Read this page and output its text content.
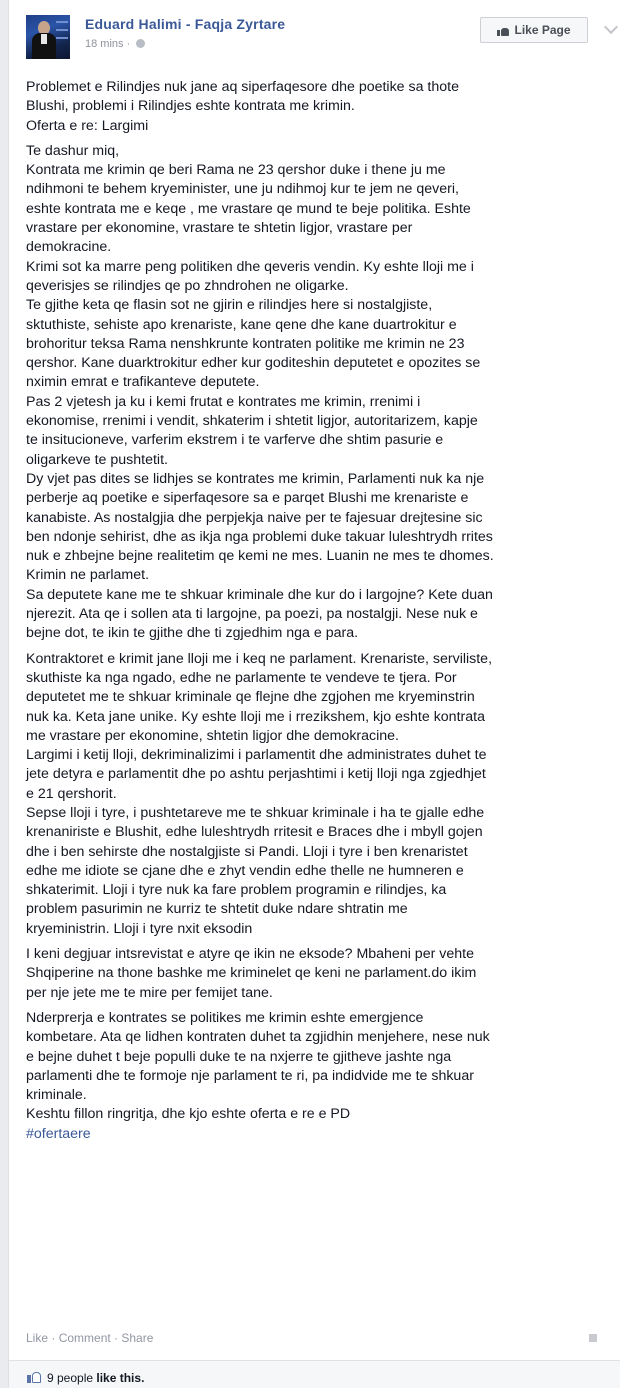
Eduard Halimi - Faqja Zyrtare
18 mins ·
Like Page

Problemet e Rilindjes nuk jane aq siperfaqesore dhe poetike sa thote
Blushi, problemi i Rilindjes eshte kontrata me krimin.
Oferta e re: Largimi

Te dashur miq,
Kontrata me krimin qe beri Rama ne 23 qershor duke i thene ju me
ndihmoni te behem kryeminister, une ju ndihmoj kur te jem ne qeveri,
eshte kontrata me e keqe , me vrastare qe mund te beje politika. Eshte
vrastare per ekonomine, vrastare te shtetin ligjor, vrastare per
demokracine.
Krimi sot ka marre peng politiken dhe qeveris vendin. Ky eshte lloji me i
qeverisjes se rilindjes qe po zhndrohen ne oligarke.
Te gjithe keta qe flasin sot ne gjirin e rilindjes here si nostalgjiste,
sktuthiste, sehiste apo krenariste, kane qene dhe kane duartrokitur e
brohoritur teksa Rama nenshkrunte kontraten politike me krimin ne 23
qershor. Kane duarktrokitur edher kur goditeshin deputetet e opozites se
nximin emrat e trafikanteve deputete.
Pas 2 vjetesh ja ku i kemi frutat e kontrates me krimin, rrenimi i
ekonomise, rrenimi i vendit, shkaterim i shtetit ligjor, autoritarizem, kapje
te insitucioneve, varferim ekstrem i te varferve dhe shtim pasurie e
oligarkeve te pushtetit.
Dy vjet pas dites se lidhjes se kontrates me krimin, Parlamenti nuk ka nje
perberje aq poetike e siperfaqesore sa e parqet Blushi me krenariste e
kanabiste. As nostalgjia dhe perpjekja naive per te fajesuar drejtesine sic
ben ndonje sehirist, dhe as ikja nga problemi duke takuar luleshtrydh rrites
nuk e zhbejne bejne realitetim qe kemi ne mes. Luanin ne mes te dhomes.
Krimin ne parlamet.
Sa deputete kane me te shkuar kriminale dhe kur do i largojne? Kete duan
njerezit. Ata qe i sollen ata ti largojne, pa poezi, pa nostalgji. Nese nuk e
bejne dot, te ikin te gjithe dhe ti zgjedhim nga e para.

Kontraktoret e krimit jane lloji me i keq ne parlament. Krenariste, serviliste,
skuthiste ka nga ngado, edhe ne parlamente te vendeve te tjera. Por
deputetet me te shkuar kriminale qe flejne dhe zgjohen me kryeminstrin
nuk ka. Keta jane unike. Ky eshte lloji me i rrezikshem, kjo eshte kontrata
me vrastare per ekonomine, shtetin ligjor dhe demokracine.
Largimi i ketij lloji, dekriminalizimi i parlamentit dhe administrates duhet te
jete detyra e parlamentit dhe po ashtu perjashtimi i ketij lloji nga zgjedhjet
e 21 qershorit.
Sepse lloji i tyre, i pushtetareve me te shkuar kriminale i ha te gjalle edhe
krenaniriste e Blushit, edhe luleshtrydh rritesit e Braces dhe i mbyll gojen
dhe i ben sehirste dhe nostalgjiste si Pandi. Lloji i tyre i ben krenaristet
edhe me idiote se cjane dhe e zhyt vendin edhe thelle ne humneren e
shkaterimit. Lloji i tyre nuk ka fare problem programin e rilindjes, ka
problem pasurimin ne kurriz te shtetit duke ndare shtratin me
kryeministrin. Lloji i tyre nxit eksodin

I keni degjuar intsrevistat e atyre qe ikin ne eksode? Mbaheni per vehte
Shqiperine na thone bashke me kriminelet qe keni ne parlament.do ikim
per nje jete me te mire per femijet tane.

Nderprerja e kontrates se politikes me krimin eshte emergjence
kombetare. Ata qe lidhen kontraten duhet ta zgjidhin menjehere, nese nuk
e bejne duhet t beje populli duke te na nxjerre te gjitheve jashte nga
parlamenti dhe te formoje nje parlament te ri, pa indidvide me te shkuar
kriminale.
Keshtu fillon ringritja, dhe kjo eshte oferta e re e PD
#ofertaere

Like · Comment · Share
9 people like this.
